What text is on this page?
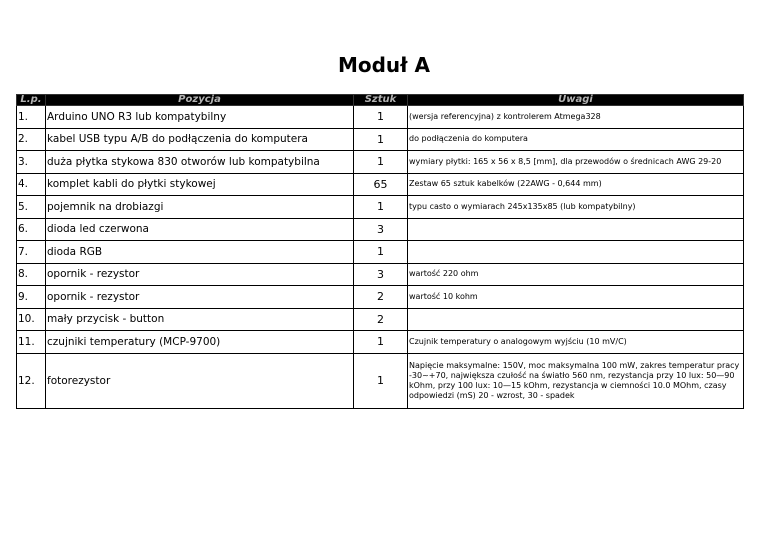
Moduł A
L.p.	Pozycja	Sztuk	Uwagi
1.	Arduino UNO R3 lub kompatybilny	1	(wersja referencyjna) z kontrolerem Atmega328
2.	kabel USB typu A/B do podłączenia do komputera	1	do podłączenia do komputera
3.	duża płytka stykowa 830 otworów lub kompatybilna	1	wymiary płytki: 165 x 56 x 8,5 [mm], dla przewodów o średnicach AWG 29-20
4.	komplet kabli do płytki stykowej	65	Zestaw 65 sztuk kabelków (22AWG - 0,644 mm)
5.	pojemnik na drobiazgi	1	typu casto o wymiarach 245x135x85 (lub kompatybilny)
6.	dioda led czerwona	3	
7.	dioda RGB	1	
8.	opornik - rezystor	3	wartość 220 ohm
9.	opornik - rezystor	2	wartość 10 kohm
10.	mały przycisk - button	2	
11.	czujniki temperatury (MCP-9700)	1	Czujnik temperatury o analogowym wyjściu (10 mV/C)
12.	fotorezystor	1	Napięcie maksymalne: 150V, moc maksymalna 100 mW, zakres temperatur pracy -30~+70, największa czułość na światło 560 nm, rezystancja przy 10 lux: 50—90 kOhm, przy 100 lux: 10—15 kOhm, rezystancja w ciemności 10.0 MOhm, czasy odpowiedzi (mS) 20 - wzrost, 30 - spadek
